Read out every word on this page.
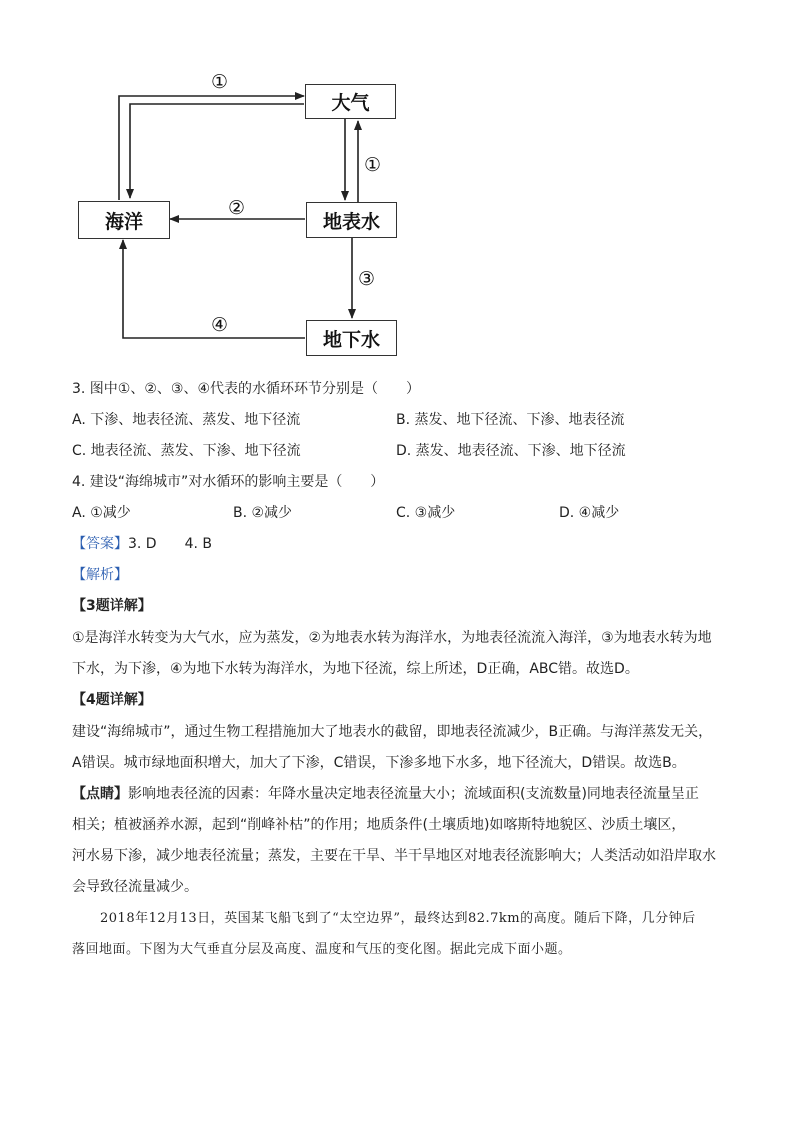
大气
海洋	地表水
地下水
①
①
②
③
④
3. 图中①、②、③、④代表的水循环环节分别是（　　）
A. 下渗、地表径流、蒸发、地下径流	B. 蒸发、地下径流、下渗、地表径流
C. 地表径流、蒸发、下渗、地下径流	D. 蒸发、地表径流、下渗、地下径流
4. 建设“海绵城市”对水循环的影响主要是（　　）
A. ①减少	B. ②减少	C. ③减少	D. ④减少
【答案】3. D　　4. B
【解析】
【3题详解】
①是海洋水转变为大气水，应为蒸发，②为地表水转为海洋水，为地表径流流入海洋，③为地表水转为地
下水，为下渗，④为地下水转为海洋水，为地下径流，综上所述，D正确，ABC错。故选D。
【4题详解】
建设“海绵城市”，通过生物工程措施加大了地表水的截留，即地表径流减少，B正确。与海洋蒸发无关，
A错误。城市绿地面积增大，加大了下渗，C错误，下渗多地下水多，地下径流大，D错误。故选B。
【点睛】影响地表径流的因素：年降水量决定地表径流量大小；流域面积(支流数量)同地表径流量呈正
相关；植被涵养水源，起到“削峰补枯”的作用；地质条件(土壤质地)如喀斯特地貌区、沙质土壤区，
河水易下渗，减少地表径流量；蒸发，主要在干旱、半干旱地区对地表径流影响大；人类活动如沿岸取水
会导致径流量减少。
2018年12月13日，英国某飞船飞到了“太空边界”，最终达到82.7km的高度。随后下降，几分钟后
落回地面。下图为大气垂直分层及高度、温度和气压的变化图。据此完成下面小题。
